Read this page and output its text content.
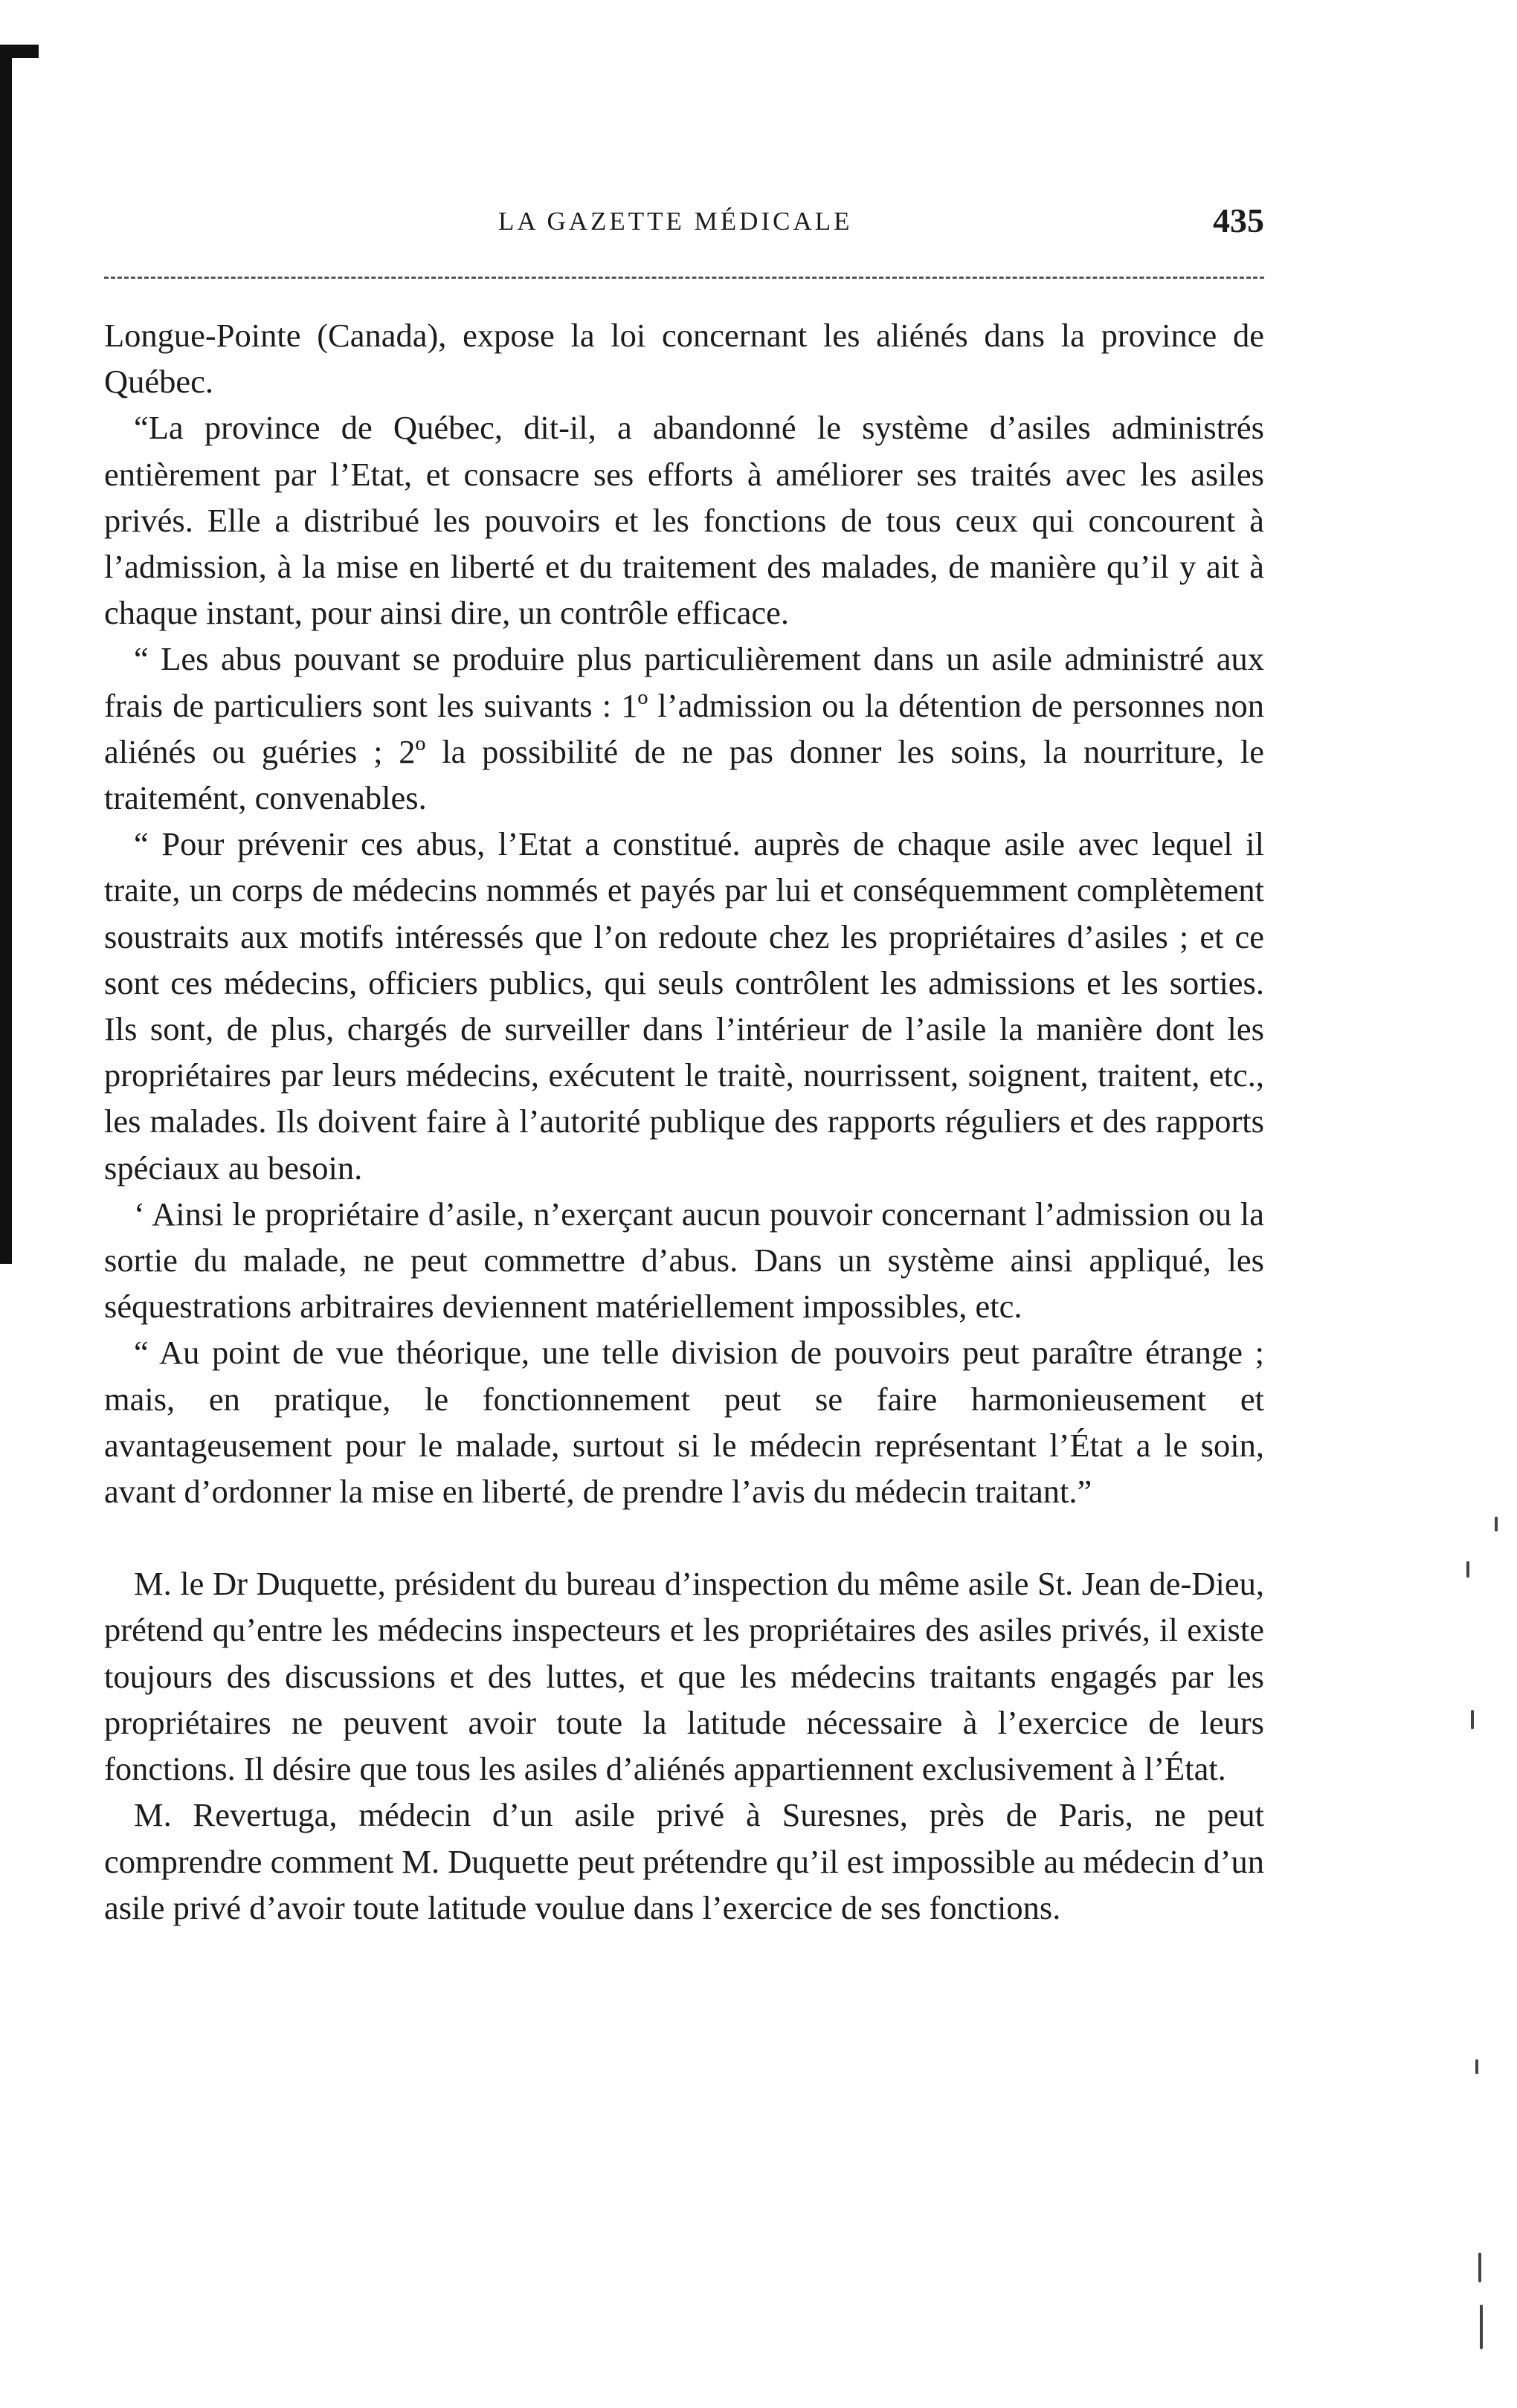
LA GAZETTE MÉDICALE	435

Longue-Pointe (Canada), expose la loi concernant les aliénés dans la province de Québec.

“La province de Québec, dit-il, a abandonné le système d’asiles administrés entièrement par l’Etat, et consacre ses efforts à améliorer ses traités avec les asiles privés. Elle a distribué les pouvoirs et les fonctions de tous ceux qui concourent à l’admission, à la mise en liberté et du traitement des malades, de manière qu’il y ait à chaque instant, pour ainsi dire, un contrôle efficace.

“ Les abus pouvant se produire plus particulièrement dans un asile administré aux frais de particuliers sont les suivants : 1º l’admission ou la détention de personnes non aliénés ou guéries ; 2º la possibilité de ne pas donner les soins, la nourriture, le traitemént, convenables.

“ Pour prévenir ces abus, l’Etat a constitué. auprès de chaque asile avec lequel il traite, un corps de médecins nommés et payés par lui et conséquemment complètement soustraits aux motifs intéressés que l’on redoute chez les propriétaires d’asiles ; et ce sont ces médecins, officiers publics, qui seuls contrôlent les admissions et les sorties. Ils sont, de plus, chargés de surveiller dans l’intérieur de l’asile la manière dont les propriétaires par leurs médecins, exécutent le traitè, nourrissent, soignent, traitent, etc., les malades. Ils doivent faire à l’autorité publique des rapports réguliers et des rapports spéciaux au besoin.

‘ Ainsi le propriétaire d’asile, n’exerçant aucun pouvoir concernant l’admission ou la sortie du malade, ne peut commettre d’abus. Dans un système ainsi appliqué, les séquestrations arbitraires deviennent matériellement impossibles, etc.

“ Au point de vue théorique, une telle division de pouvoirs peut paraître étrange ; mais, en pratique, le fonctionnement peut se faire harmonieusement et avantageusement pour le malade, surtout si le médecin représentant l’État a le soin, avant d’ordonner la mise en liberté, de prendre l’avis du médecin traitant.”

M. le Dr Duquette, président du bureau d’inspection du même asile St. Jean de-Dieu, prétend qu’entre les médecins inspecteurs et les propriétaires des asiles privés, il existe toujours des discussions et des luttes, et que les médecins traitants engagés par les propriétaires ne peuvent avoir toute la latitude nécessaire à l’exercice de leurs fonctions. Il désire que tous les asiles d’aliénés appartiennent exclusivement à l’État.

M. Revertuga, médecin d’un asile privé à Suresnes, près de Paris, ne peut comprendre comment M. Duquette peut prétendre qu’il est impossible au médecin d’un asile privé d’avoir toute latitude voulue dans l’exercice de ses fonctions.
